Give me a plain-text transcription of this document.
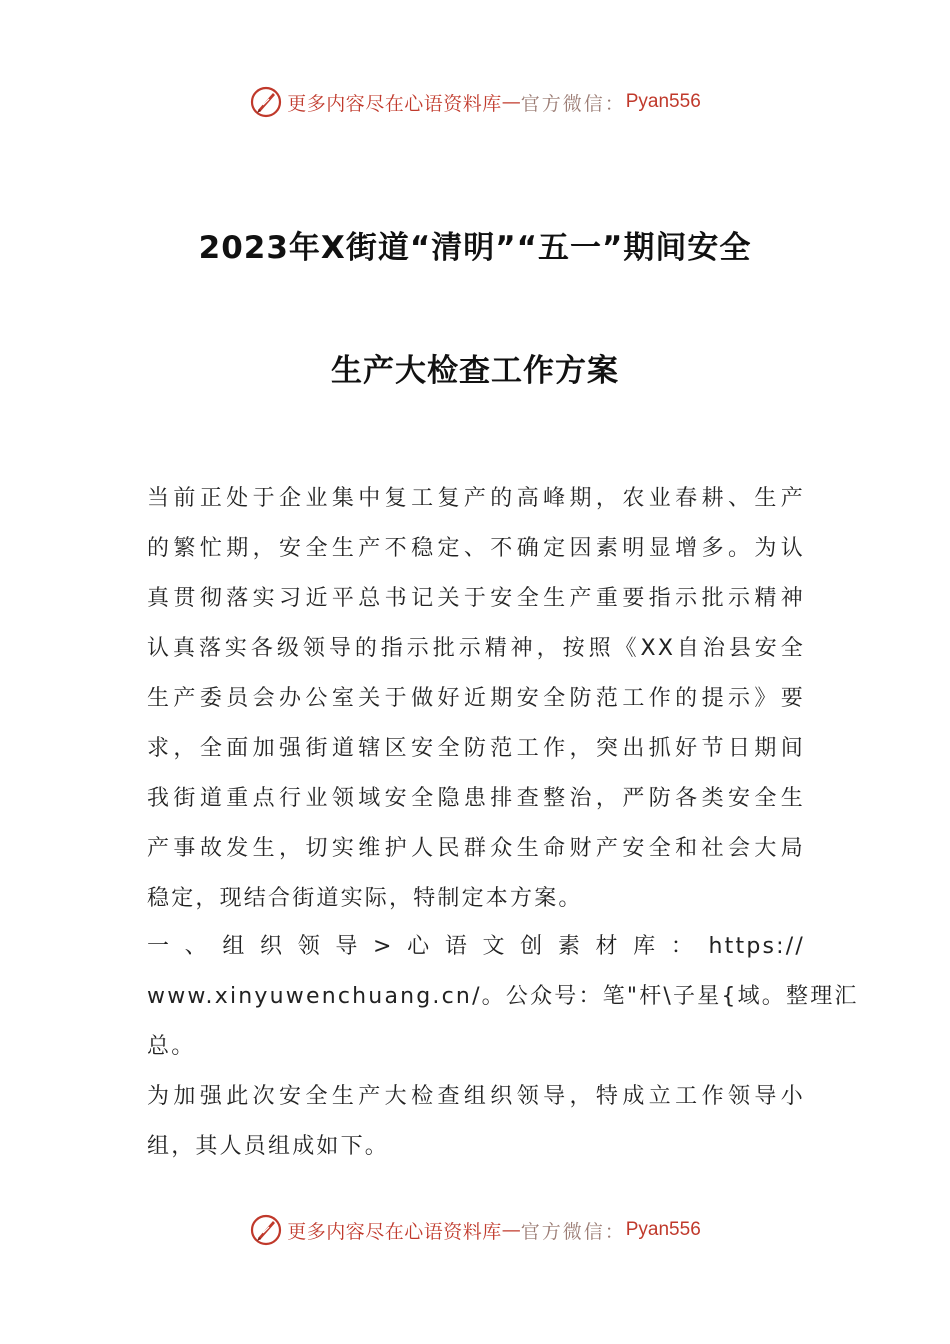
更多内容尽在心语资料库 — 官方微信： Pyan556
2023年X街道“清明”“五一”期间安全
生产大检查工作方案
当前正处于企业集中复工复产的高峰期，农业春耕、生产
的繁忙期，安全生产不稳定、不确定因素明显增多。为认
真贯彻落实习近平总书记关于安全生产重要指示批示精神
认真落实各级领导的指示批示精神，按照《XX自治县安全
生产委员会办公室关于做好近期安全防范工作的提示》要
求，全面加强街道辖区安全防范工作，突出抓好节日期间
我街道重点行业领域安全隐患排查整治，严防各类安全生
产事故发生，切实维护人民群众生命财产安全和社会大局
稳定，现结合街道实际，特制定本方案。
一、组织领导>心语文创素材库：https://
www.xinyuwenchuang.cn/。公众号：笔"杆\子星{域。整理汇
总。
为加强此次安全生产大检查组织领导，特成立工作领导小
组，其人员组成如下。
更多内容尽在心语资料库 — 官方微信： Pyan556
